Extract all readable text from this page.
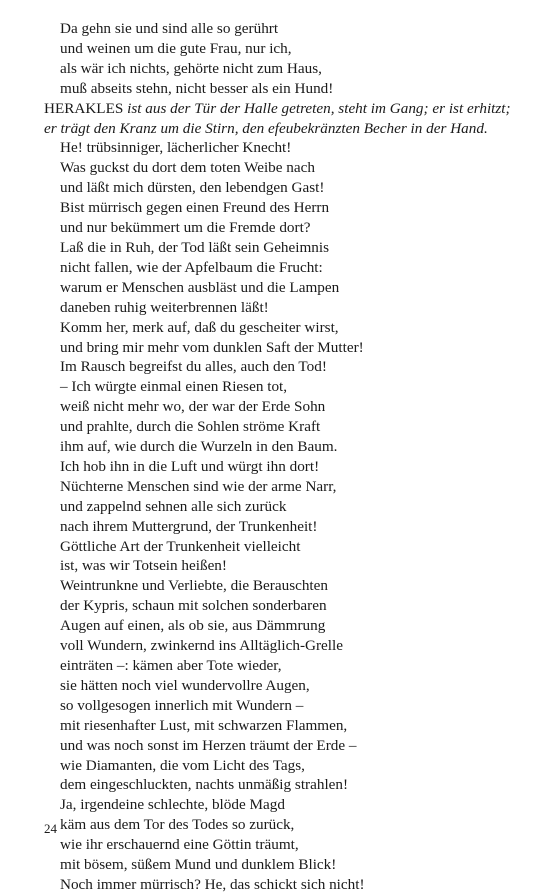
Da gehn sie und sind alle so gerührt
und weinen um die gute Frau, nur ich,
als wär ich nichts, gehörte nicht zum Haus,
muß abseits stehn, nicht besser als ein Hund!
HERAKLES ist aus der Tür der Halle getreten, steht im Gang; er ist erhitzt; er trägt den Kranz um die Stirn, den efeubekränzten Becher in der Hand.
He! trübsinniger, lächerlicher Knecht!
Was guckst du dort dem toten Weibe nach
und läßt mich dürsten, den lebendgen Gast!
Bist mürrisch gegen einen Freund des Herrn
und nur bekümmert um die Fremde dort?
Laß die in Ruh, der Tod läßt sein Geheimnis
nicht fallen, wie der Apfelbaum die Frucht:
warum er Menschen ausbläst und die Lampen
daneben ruhig weiterbrennen läßt!
Komm her, merk auf, daß du gescheiter wirst,
und bring mir mehr vom dunklen Saft der Mutter!
Im Rausch begreifst du alles, auch den Tod!
– Ich würgte einmal einen Riesen tot,
weiß nicht mehr wo, der war der Erde Sohn
und prahlte, durch die Sohlen ströme Kraft
ihm auf, wie durch die Wurzeln in den Baum.
Ich hob ihn in die Luft und würgt ihn dort!
Nüchterne Menschen sind wie der arme Narr,
und zappelnd sehnen alle sich zurück
nach ihrem Muttergrund, der Trunkenheit!
Göttliche Art der Trunkenheit vielleicht
ist, was wir Totsein heißen!
Weintrunkne und Verliebte, die Berauschten
der Kypris, schaun mit solchen sonderbaren
Augen auf einen, als ob sie, aus Dämmrung
voll Wundern, zwinkernd ins Alltäglich-Grelle
einträten –: kämen aber Tote wieder,
sie hätten noch viel wundervollre Augen,
so vollgesogen innerlich mit Wundern –
mit riesenhafter Lust, mit schwarzen Flammen,
und was noch sonst im Herzen träumt der Erde –
wie Diamanten, die vom Licht des Tags,
dem eingeschluckten, nachts unmäßig strahlen!
Ja, irgendeine schlechte, blöde Magd
käm aus dem Tor des Todes so zurück,
wie ihr erschauernd eine Göttin träumt,
mit bösem, süßem Mund und dunklem Blick!
Noch immer mürrisch? He, das schickt sich nicht!
24
